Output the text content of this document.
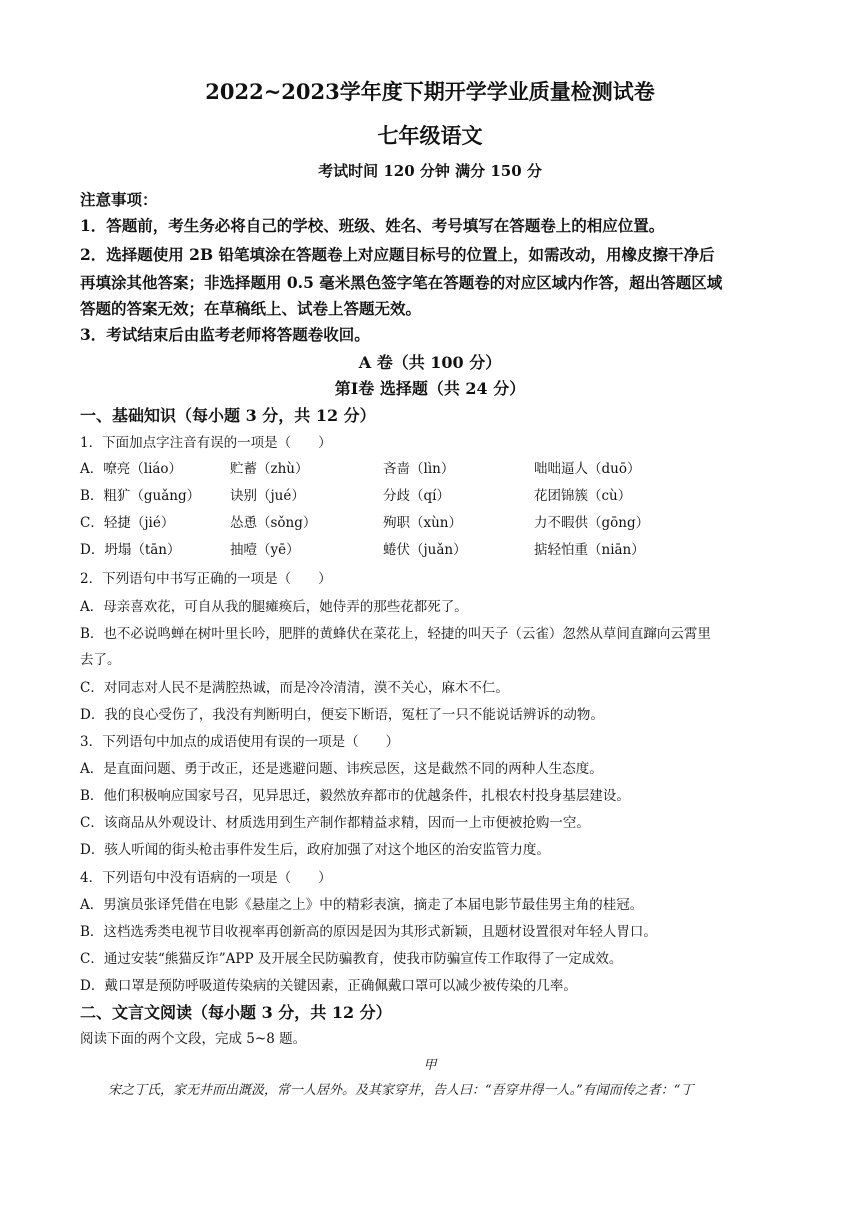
2022~2023学年度下期开学学业质量检测试卷
七年级语文
考试时间 120 分钟 满分 150 分
注意事项：
1．答题前，考生务必将自己的学校、班级、姓名、考号填写在答题卷上的相应位置。
2．选择题使用 2B 铅笔填涂在答题卷上对应题目标号的位置上，如需改动，用橡皮擦干净后
再填涂其他答案；非选择题用 0.5 毫米黑色签字笔在答题卷的对应区域内作答，超出答题区域
答题的答案无效；在草稿纸上、试卷上答题无效。
3．考试结束后由监考老师将答题卷收回。
A 卷（共 100 分）
第Ⅰ卷 选择题（共 24 分）
一、基础知识（每小题 3 分，共 12 分）
1．下面加点字注音有误的一项是（　　）
A．嘹亮（liáo）	贮蓄（zhù）	吝啬（lìn）	咄咄逼人（duō）
B．粗犷（guǎng） 诀别（jué）	分歧（qí）	花团锦簇（cù）
C．轻捷（jié）	怂恿（sǒng）	殉职（xùn）	力不暇供（gōng）
D．坍塌（tān）	抽噎（yē）	蜷伏（juǎn）	掂轻怕重（niān）
2．下列语句中书写正确的一项是（　　）
A．母亲喜欢花，可自从我的腿瘫痪后，她侍弄的那些花都死了。
B．也不必说鸣蝉在树叶里长吟，肥胖的黄蜂伏在菜花上，轻捷的叫天子（云雀）忽然从草间直蹿向云霄里
去了。
C．对同志对人民不是满腔热诚，而是冷冷清清，漠不关心，麻木不仁。
D．我的良心受伤了，我没有判断明白，便妄下断语，冤枉了一只不能说话辨诉的动物。
3．下列语句中加点的成语使用有误的一项是（　　）
A．是直面问题、勇于改正，还是逃避问题、讳疾忌医，这是截然不同的两种人生态度。
B．他们积极响应国家号召，见异思迁，毅然放弃都市的优越条件，扎根农村投身基层建设。
C．该商品从外观设计、材质选用到生产制作都精益求精，因而一上市便被抢购一空。
D．骇人听闻的街头枪击事件发生后，政府加强了对这个地区的治安监管力度。
4．下列语句中没有语病的一项是（　　）
A．男演员张译凭借在电影《悬崖之上》中的精彩表演，摘走了本届电影节最佳男主角的桂冠。
B．这档选秀类电视节目收视率再创新高的原因是因为其形式新颖，且题材设置很对年轻人胃口。
C．通过安装“熊猫反诈”APP 及开展全民防骗教育，使我市防骗宣传工作取得了一定成效。
D．戴口罩是预防呼吸道传染病的关键因素，正确佩戴口罩可以减少被传染的几率。
二、文言文阅读（每小题 3 分，共 12 分）
阅读下面的两个文段，完成 5~8 题。
甲
宋之丁氏，家无井而出溉汲，常一人居外。及其家穿井，告人曰：“吾穿井得一人。”有闻而传之者：“丁
